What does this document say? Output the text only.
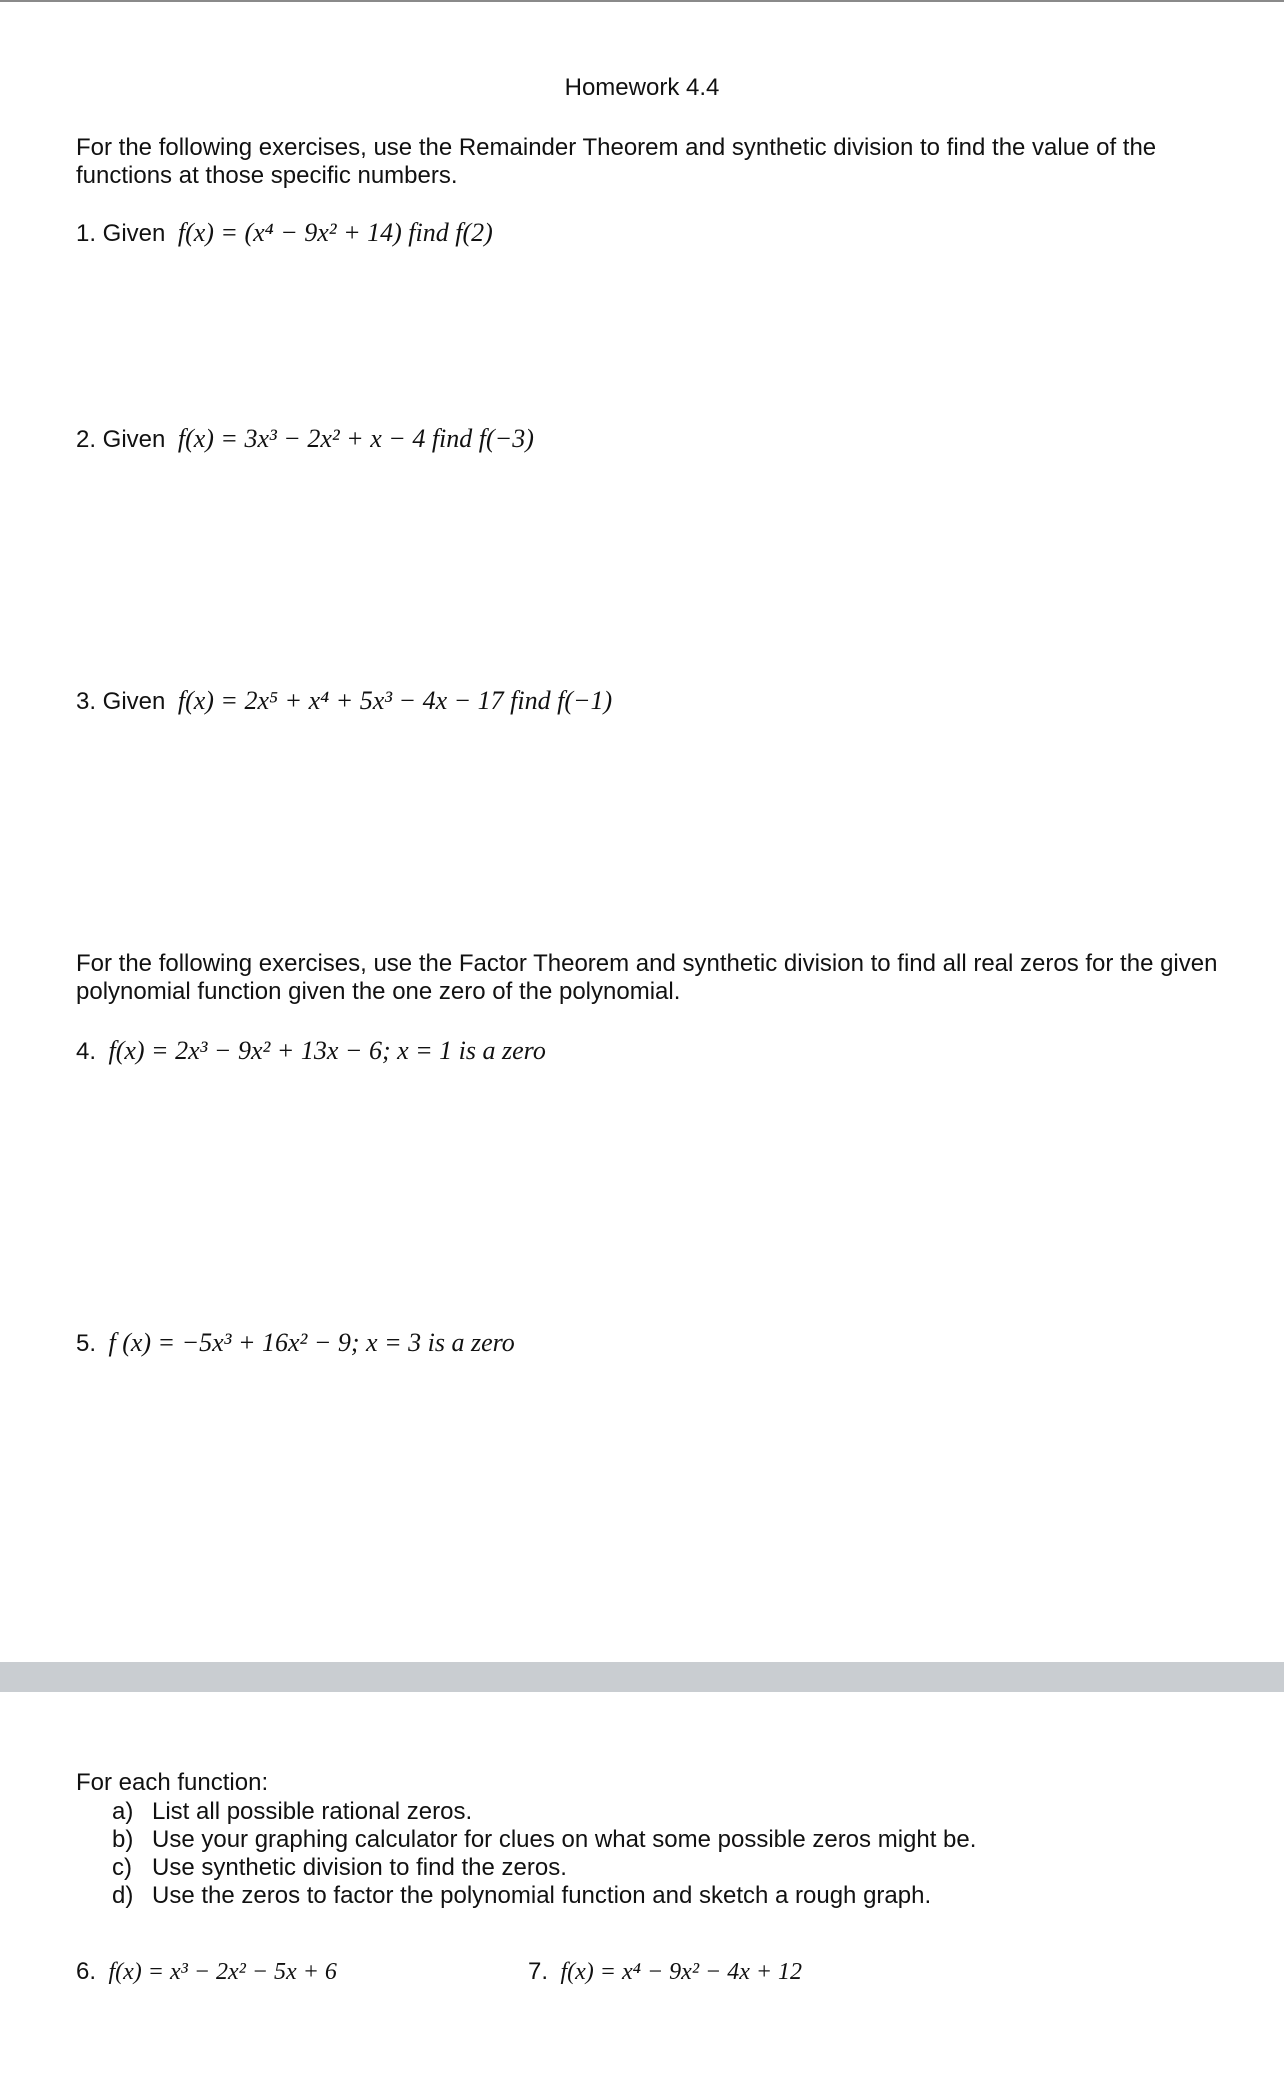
Homework 4.4
For the following exercises, use the Remainder Theorem and synthetic division to find the value of the functions at those specific numbers.
1. Given f(x) = (x⁴ − 9x² + 14) find f(2)
2. Given f(x) = 3x³ − 2x² + x − 4 find f(−3)
3. Given f(x) = 2x⁵ + x⁴ + 5x³ − 4x − 17 find f(−1)
For the following exercises, use the Factor Theorem and synthetic division to find all real zeros for the given polynomial function given the one zero of the polynomial.
4. f(x) = 2x³ − 9x² + 13x − 6; x = 1 is a zero
5. f (x) = −5x³ + 16x² − 9; x = 3 is a zero
For each function:
a) List all possible rational zeros.
b) Use your graphing calculator for clues on what some possible zeros might be.
c) Use synthetic division to find the zeros.
d) Use the zeros to factor the polynomial function and sketch a rough graph.
6. f(x) = x³ − 2x² − 5x + 6	7. f(x) = x⁴ − 9x² − 4x + 12
